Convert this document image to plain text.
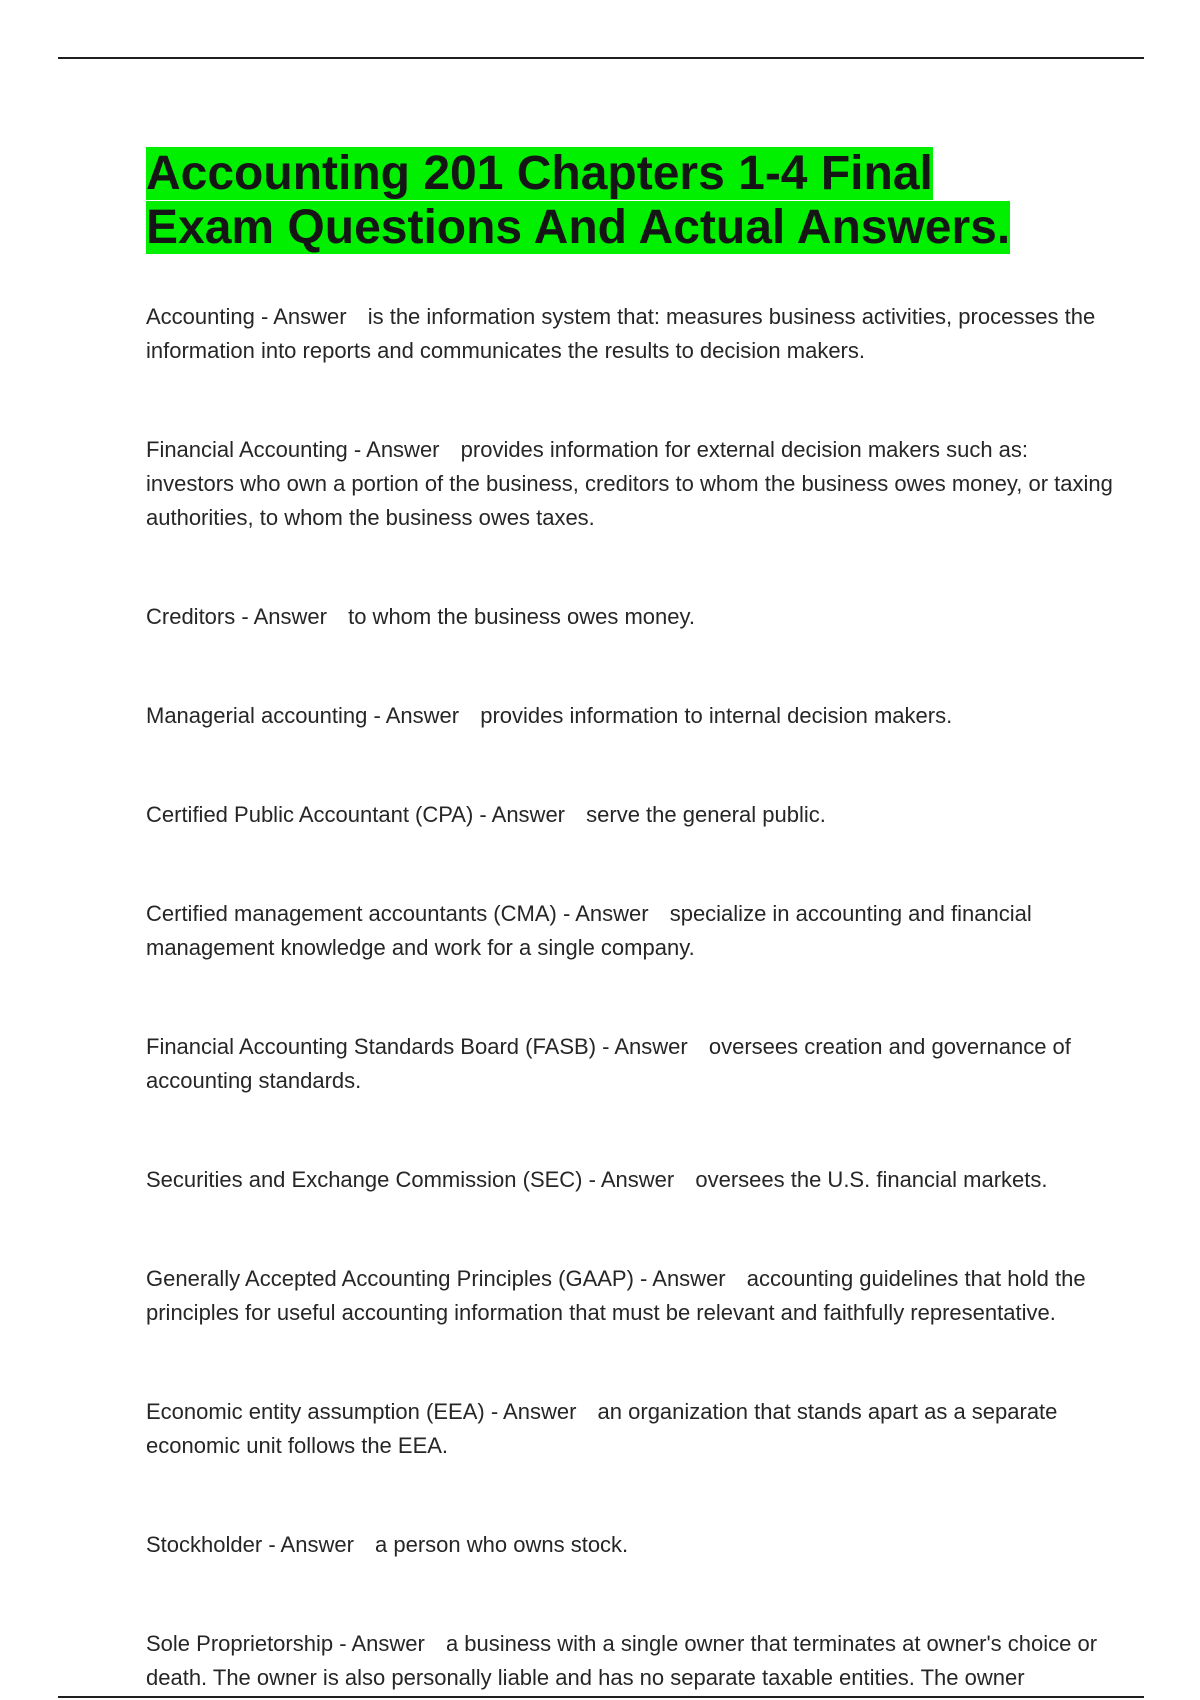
Accounting 201 Chapters 1-4 Final Exam Questions And Actual Answers.

Accounting - Answer is the information system that: measures business activities, processes the information into reports and communicates the results to decision makers.

Financial Accounting - Answer provides information for external decision makers such as: investors who own a portion of the business, creditors to whom the business owes money, or taxing authorities, to whom the business owes taxes.

Creditors - Answer to whom the business owes money.

Managerial accounting - Answer provides information to internal decision makers.

Certified Public Accountant (CPA) - Answer serve the general public.

Certified management accountants (CMA) - Answer specialize in accounting and financial management knowledge and work for a single company.

Financial Accounting Standards Board (FASB) - Answer oversees creation and governance of accounting standards.

Securities and Exchange Commission (SEC) - Answer oversees the U.S. financial markets.

Generally Accepted Accounting Principles (GAAP) - Answer accounting guidelines that hold the principles for useful accounting information that must be relevant and faithfully representative.

Economic entity assumption (EEA) - Answer an organization that stands apart as a separate economic unit follows the EEA.

Stockholder - Answer a person who owns stock.

Sole Proprietorship - Answer a business with a single owner that terminates at owner's choice or death. The owner is also personally liable and has no separate taxable entities. The owner
